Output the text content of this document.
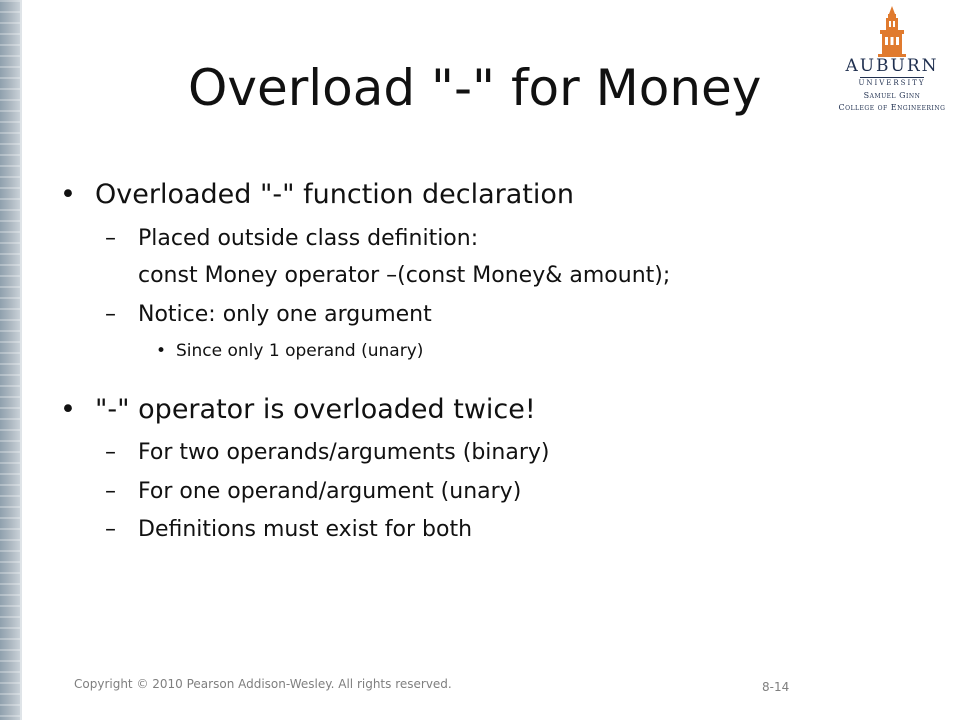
Overload "-" for Money	AUBURN
UNIVERSITY
Samuel Ginn
College of Engineering
• Overloaded "-" function declaration
– Placed outside class definition:
const Money operator –(const Money& amount);
– Notice: only one argument
• Since only 1 operand (unary)
• "-" operator is overloaded twice!
– For two operands/arguments (binary)
– For one operand/argument (unary)
– Definitions must exist for both
Copyright © 2010 Pearson Addison-Wesley. All rights reserved.	8-14
